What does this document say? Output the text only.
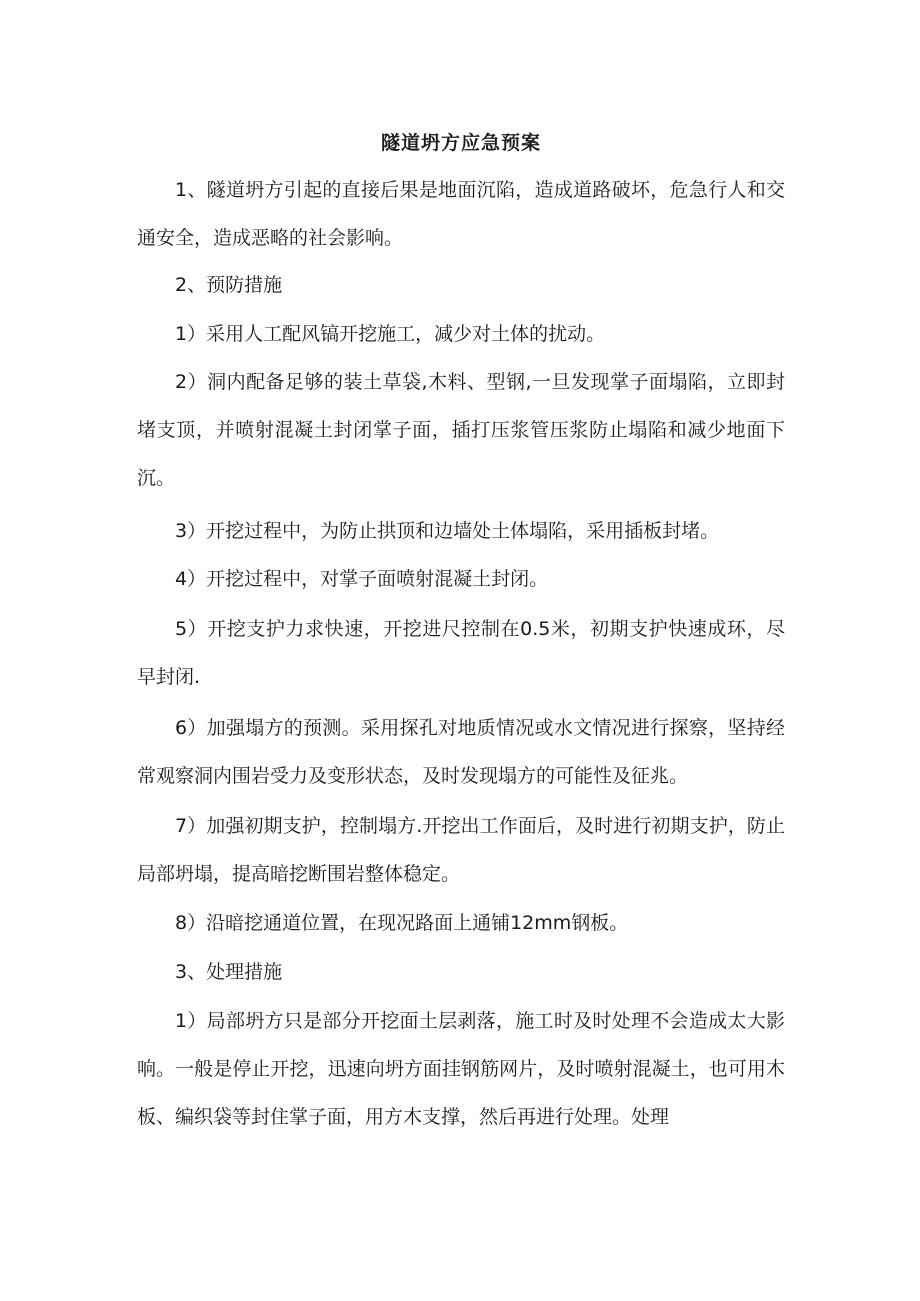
隧道坍方应急预案

1、隧道坍方引起的直接后果是地面沉陷，造成道路破坏，危急行人和交通安全，造成恶略的社会影响。

2、预防措施

1）采用人工配风镐开挖施工，减少对土体的扰动。

2）洞内配备足够的装土草袋,木料、型钢,一旦发现掌子面塌陷，立即封堵支顶，并喷射混凝土封闭掌子面，插打压浆管压浆防止塌陷和减少地面下沉。

3）开挖过程中，为防止拱顶和边墙处土体塌陷，采用插板封堵。

4）开挖过程中，对掌子面喷射混凝土封闭。

5）开挖支护力求快速，开挖进尺控制在0.5米，初期支护快速成环，尽早封闭.

6）加强塌方的预测。采用探孔对地质情况或水文情况进行探察，坚持经常观察洞内围岩受力及变形状态，及时发现塌方的可能性及征兆。

7）加强初期支护，控制塌方.开挖出工作面后，及时进行初期支护，防止局部坍塌，提高暗挖断围岩整体稳定。

8）沿暗挖通道位置，在现况路面上通铺12mm钢板。

3、处理措施

1）局部坍方只是部分开挖面土层剥落，施工时及时处理不会造成太大影响。一般是停止开挖，迅速向坍方面挂钢筋网片，及时喷射混凝土，也可用木板、编织袋等封住掌子面，用方木支撑，然后再进行处理。处理
